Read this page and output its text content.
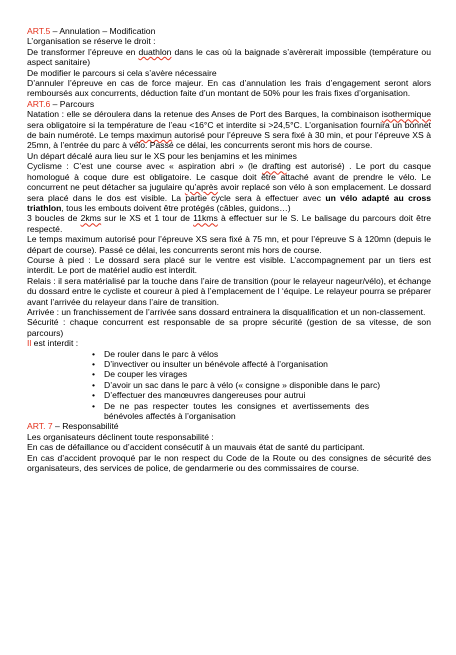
ART.5 – Annulation – Modification

L’organisation se réserve le droit :

De transformer l’épreuve en duathlon dans le cas où la baignade s’avèrerait impossible (température ou aspect sanitaire)

De modifier le parcours si cela s’avère nécessaire

D’annuler l’épreuve en cas de force majeur. En cas d’annulation les frais d’engagement seront alors remboursés aux concurrents, déduction faite d’un montant de 50% pour les frais fixes d’organisation.

ART.6 – Parcours

Natation : elle se déroulera dans la retenue des Anses de Port des Barques, la combinaison isothermique sera obligatoire si la température de l’eau <16°C et interdite si >24,5°C. L’organisation fournira un bonnet de bain numéroté. Le temps maximun autorisé pour l’épreuve S sera fixé à 30 min, et pour l’épreuve XS à 25mn, à l’entrée du parc à vélo. Passé ce délai, les concurrents seront mis hors de course.

Un départ décalé aura lieu sur le XS pour les benjamins et les minimes

Cyclisme : C’est une course avec « aspiration abri » (le drafting est autorisé) . Le port du casque homologué à coque dure est obligatoire. Le casque doit être attaché avant de prendre le vélo. Le concurrent ne peut détacher sa jugulaire qu’après avoir replacé son vélo à son emplacement. Le dossard sera placé dans le dos est visible. La partie cycle sera à effectuer avec un vélo adapté au cross triathlon, tous les embouts doivent être protégés (câbles, guidons…)

3 boucles de 2kms sur le XS et 1 tour de 11kms à effectuer sur le S. Le balisage du parcours doit être respecté.

Le temps maximum autorisé pour l’épreuve XS sera fixé à 75 mn, et pour l’épreuve S à 120mn (depuis le départ de course). Passé ce délai, les concurrents seront mis hors de course.

Course à pied : Le dossard sera placé sur le ventre est visible. L’accompagnement par un tiers est interdit. Le port de matériel audio est interdit.

Relais : il sera matérialisé par la touche dans l’aire de transition (pour le relayeur nageur/vélo), et échange du dossard entre le cycliste et coureur à pied à l’emplacement de l ‘équipe. Le relayeur pourra se préparer avant l’arrivée du relayeur dans l’aire de transition.

Arrivée : un franchissement de l’arrivée sans dossard entrainera la disqualification et un non-classement.

Sécurité : chaque concurrent est responsable de sa propre sécurité (gestion de sa vitesse, de son parcours)

Il est interdit :

• De rouler dans le parc à vélos
• D’invectiver ou insulter un bénévole affecté à l’organisation
• De couper les virages
• D’avoir un sac dans le parc à vélo (« consigne » disponible dans le parc)
• D’effectuer des manœuvres dangereuses pour autrui
• De ne pas respecter toutes les consignes et avertissements des bénévoles affectés à l’organisation

ART. 7 – Responsabilité

Les organisateurs déclinent toute responsabilité :

En cas de défaillance ou d’accident consécutif à un mauvais état de santé du participant.

En cas d’accident provoqué par le non respect du Code de la Route ou des consignes de sécurité des organisateurs, des services de police, de gendarmerie ou des commissaires de course.
